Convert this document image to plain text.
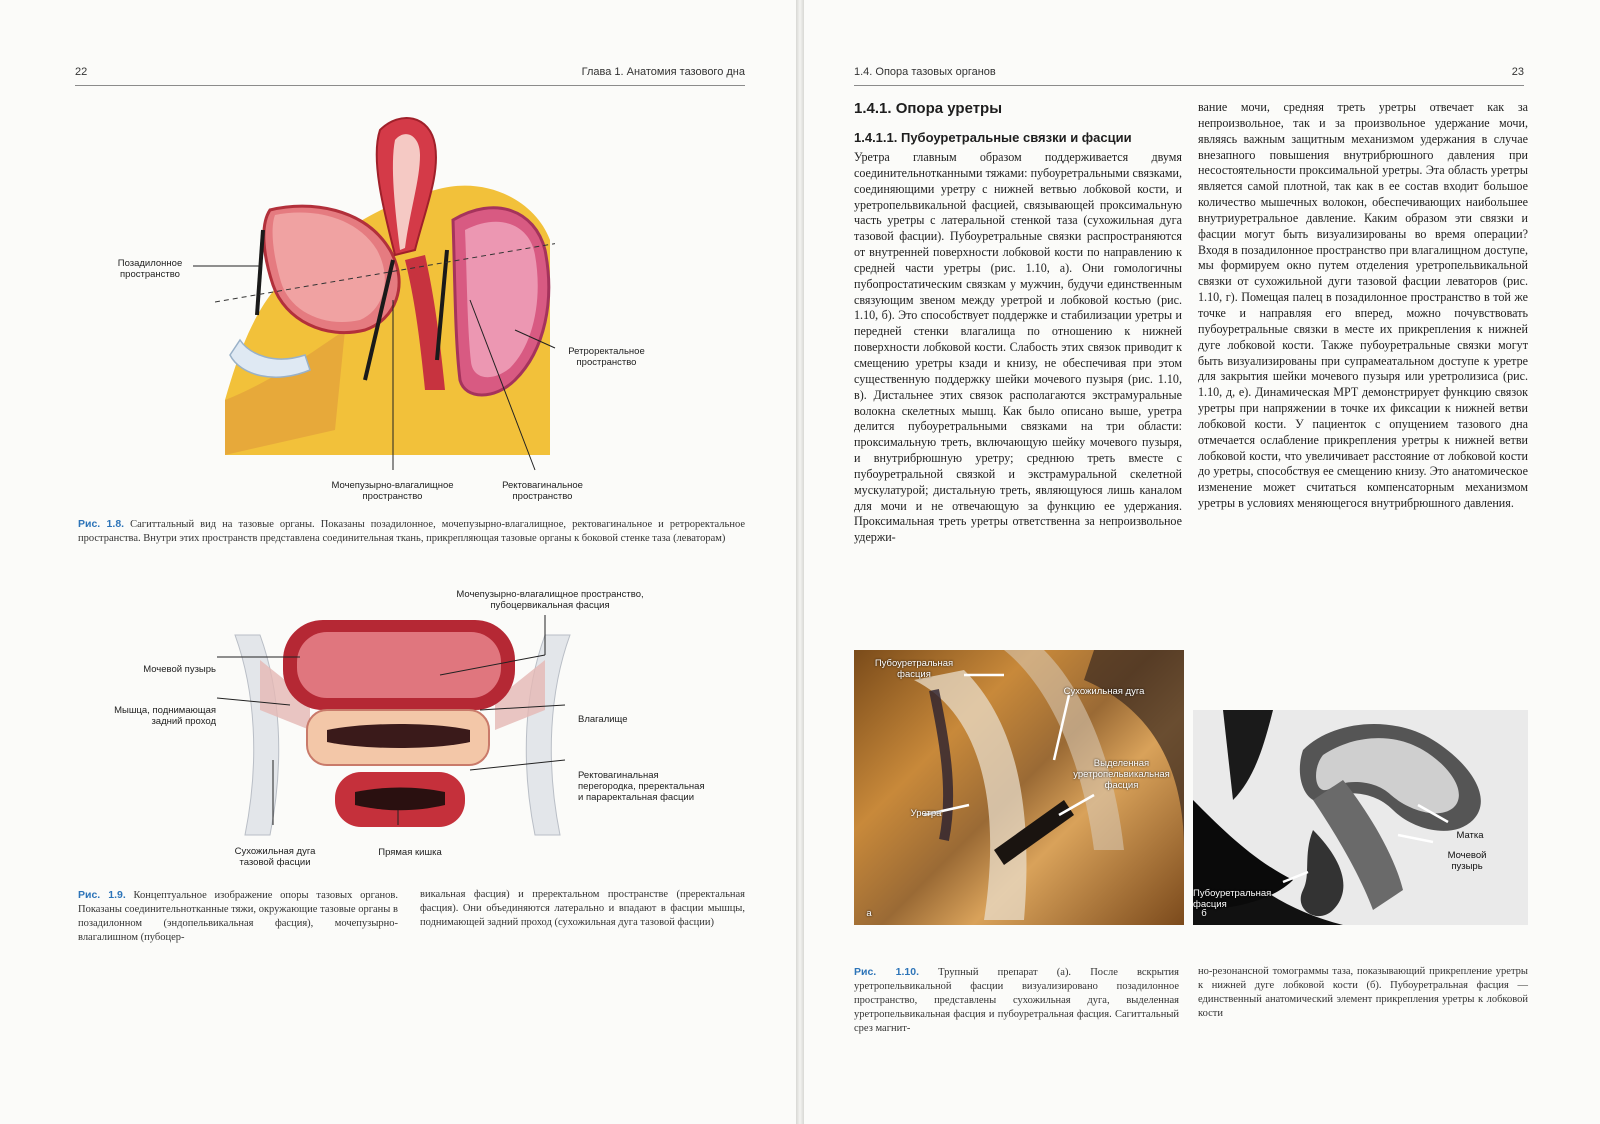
22	Глава 1. Анатомия тазового дна
Позадилонное
пространство
Ретроректальное
пространство
Мочепузырно-влагалищное
пространство
Ректовагинальное
пространство
Рис. 1.8. Сагиттальный вид на тазовые органы. Показаны позадилонное, мочепузырно-влагалищное, ректовагинальное и ретроректальное пространства. Внутри этих пространств представлена соединительная ткань, прикрепляющая тазовые органы к боковой стенке таза (леваторам)
Мочепузырно-влагалищное пространство,
пубоцервикальная фасция
Мочевой пузырь
Мышца, поднимающая
задний проход	Влагалище
Ректовагинальная
перегородка, преректальная
и параректальная фасции
Сухожильная дуга
тазовой фасции
Прямая кишка
Рис. 1.9. Концептуальное изображение опоры тазовых органов. Показаны соединительнотканные тяжи, окружающие тазовые органы в позадилонном (эндопельвикальная фасция), мочепузырно-влагалишном (пубоцер-
викальная фасция) и преректальном пространстве (преректальная фасция). Они объединяются латерально и впадают в фасции мышцы, поднимающей задний проход (сухожильная дуга тазовой фасции)
1.4. Опора тазовых органов	23
1.4.1. Опора уретры
1.4.1.1. Пубоуретральные связки и фасции

Уретра главным образом поддерживается двумя соединительнотканными тяжами: пубоуретральными связками, соединяющими уретру с нижней ветвью лобковой кости, и уретропельвикальной фасцией, связывающей проксимальную часть уретры с латеральной стенкой таза (сухожильная дуга тазовой фасции). Пубоуретральные связки распространяются от внутренней поверхности лобковой кости по направлению к средней части уретры (рис. 1.10, а). Они гомологичны пубопростатическим связкам у мужчин, будучи единственным связующим звеном между уретрой и лобковой костью (рис. 1.10, б). Это способствует поддержке и стабилизации уретры и передней стенки влагалища по отношению к нижней поверхности лобковой кости. Слабость этих связок приводит к смещению уретры кзади и книзу, не обеспечивая при этом существенную поддержку шейки мочевого пузыря (рис. 1.10, в). Дистальнее этих связок располагаются экстрамуральные волокна скелетных мышц. Как было описано выше, уретра делится пубоуретральными связками на три области: проксимальную треть, включающую шейку мочевого пузыря, и внутрибрюшную уретру; среднюю треть вместе с пубоуретральной связкой и экстрамуральной скелетной мускулатурой; дистальную треть, являющуюся лишь каналом для мочи и не отвечающую за функцию ее удержания. Проксимальная треть уретры ответственна за непроизвольное удержи-

вание мочи, средняя треть уретры отвечает как за непроизвольное, так и за произвольное удержание мочи, являясь важным защитным механизмом удержания в случае внезапного повышения внутрибрюшного давления при несостоятельности проксимальной уретры. Эта область уретры является самой плотной, так как в ее состав входит большое количество мышечных волокон, обеспечивающих наибольшее внутриуретральное давление. Каким образом эти связки и фасции могут быть визуализированы во время операции? Входя в позадилонное пространство при влагалищном доступе, мы формируем окно путем отделения уретропельвикальной связки от сухожильной дуги тазовой фасции леваторов (рис. 1.10, г). Помещая палец в позадилонное пространство в той же точке и направляя его вперед, можно почувствовать пубоуретральные связки в месте их прикрепления к нижней дуге лобковой кости. Также пубоуретральные связки могут быть визуализированы при супрамеатальном доступе к уретре для закрытия шейки мочевого пузыря или уретролизиса (рис. 1.10, д, е). Динамическая МРТ демонстрирует функцию связок уретры при напряжении в точке их фиксации к нижней ветви лобковой кости. У пациенток с опущением тазового дна отмечается ослабление прикрепления уретры к нижней ветви лобковой кости, что увеличивает расстояние от лобковой кости до уретры, способствуя ее смещению книзу. Это анатомическое изменение может считаться компенсаторным механизмом уретры в условиях меняющегося внутрибрюшного давления.

Пубоуретральная
фасция
Сухожильная дуга
Выделенная
уретропельвикальная
фасция
Уретра
а
Матка
Мочевой
пузырь
Пубоуретральная
фасция
б
Рис. 1.10. Трупный препарат (а). После вскрытия уретропельвикальной фасции визуализировано позадилонное пространство, представлены сухожильная дуга, выделенная уретропельвикальная фасция и пубоуретральная фасция. Сагиттальный срез магнит-
но-резонансной томограммы таза, показывающий прикрепление уретры к нижней дуге лобковой кости (б). Пубоуретральная фасция — единственный анатомический элемент прикрепления уретры к лобковой кости
